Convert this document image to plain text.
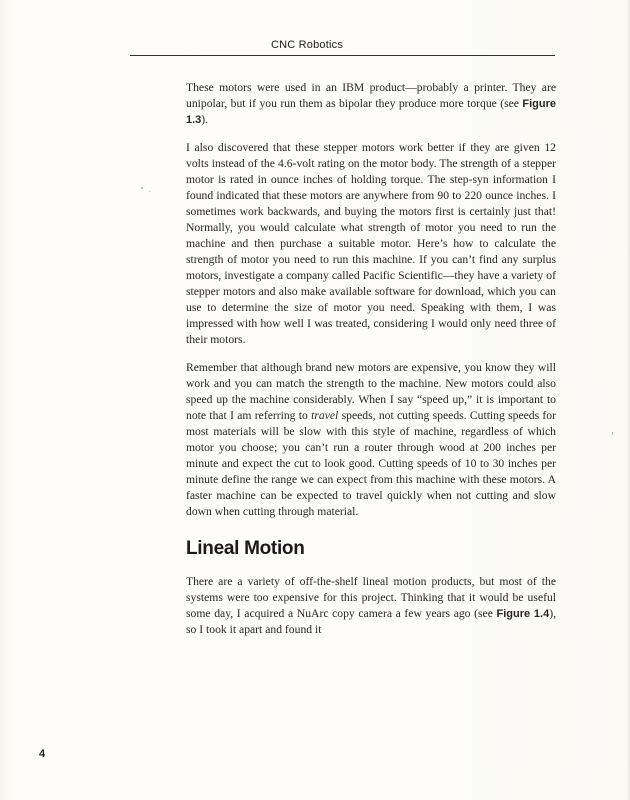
CNC Robotics

These motors were used in an IBM product—probably a printer. They are unipolar, but if you run them as bipolar they produce more torque (see Figure 1.3).

I also discovered that these stepper motors work better if they are given 12 volts instead of the 4.6-volt rating on the motor body. The strength of a stepper motor is rated in ounce inches of holding torque. The step-syn information I found indicated that these motors are anywhere from 90 to 220 ounce inches. I sometimes work backwards, and buying the motors first is certainly just that! Normally, you would calculate what strength of motor you need to run the machine and then purchase a suitable motor. Here’s how to calculate the strength of motor you need to run this machine. If you can’t find any surplus motors, investigate a company called Pacific Scientific—they have a variety of stepper motors and also make available software for download, which you can use to determine the size of motor you need. Speaking with them, I was impressed with how well I was treated, considering I would only need three of their motors.

Remember that although brand new motors are expensive, you know they will work and you can match the strength to the machine. New motors could also speed up the machine considerably. When I say “speed up,” it is important to note that I am referring to travel speeds, not cutting speeds. Cutting speeds for most materials will be slow with this style of machine, regardless of which motor you choose; you can’t run a router through wood at 200 inches per minute and expect the cut to look good. Cutting speeds of 10 to 30 inches per minute define the range we can expect from this machine with these motors. A faster machine can be expected to travel quickly when not cutting and slow down when cutting through material.

Lineal Motion

There are a variety of off-the-shelf lineal motion products, but most of the systems were too expensive for this project. Thinking that it would be useful some day, I acquired a NuArc copy camera a few years ago (see Figure 1.4), so I took it apart and found it

4
